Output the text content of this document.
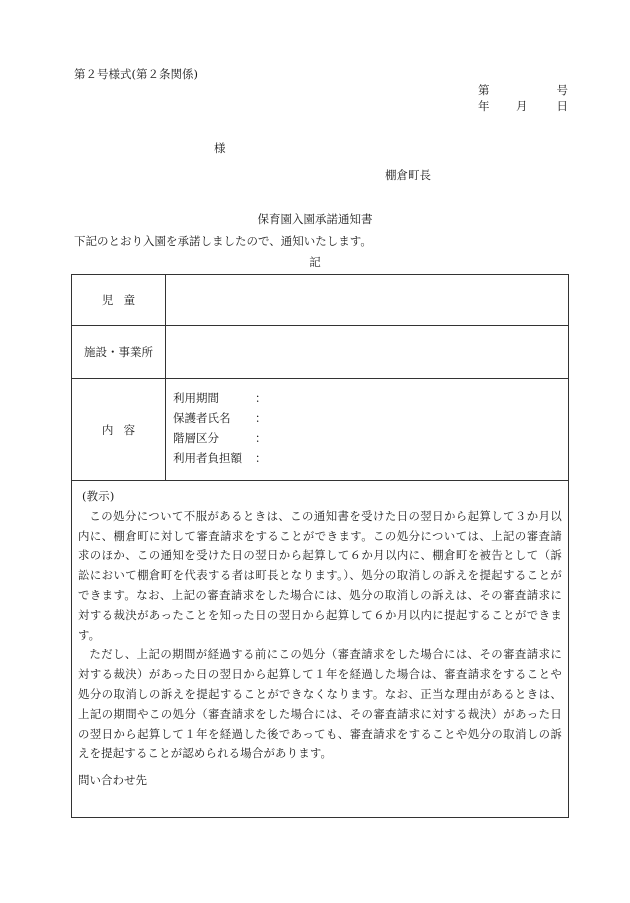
第２号様式(第２条関係)
第	号
年 月	日
様
棚倉町長
保育園入園承諾通知書
下記のとおり入園を承諾しましたので、通知いたします。
記
児童
施設・事業所
内容
利用期間	：
保護者氏名 ：
階層区分	：
利用者負担額 ：
(教示)

この処分について不服があるときは、この通知書を受けた日の翌日から起算して３か月以内に、棚倉町に対して審査請求をすることができます。この処分については、上記の審査請求のほか、この通知を受けた日の翌日から起算して６か月以内に、棚倉町を被告として（訴訟において棚倉町を代表する者は町長となります。）、処分の取消しの訴えを提起することができます。なお、上記の審査請求をした場合には、処分の取消しの訴えは、その審査請求に対する裁決があったことを知った日の翌日から起算して６か月以内に提起することができます。

ただし、上記の期間が経過する前にこの処分（審査請求をした場合には、その審査請求に対する裁決）があった日の翌日から起算して１年を経過した場合は、審査請求をすることや処分の取消しの訴えを提起することができなくなります。なお、正当な理由があるときは、上記の期間やこの処分（審査請求をした場合には、その審査請求に対する裁決）があった日の翌日から起算して１年を経過した後であっても、審査請求をすることや処分の取消しの訴えを提起することが認められる場合があります。

問い合わせ先
